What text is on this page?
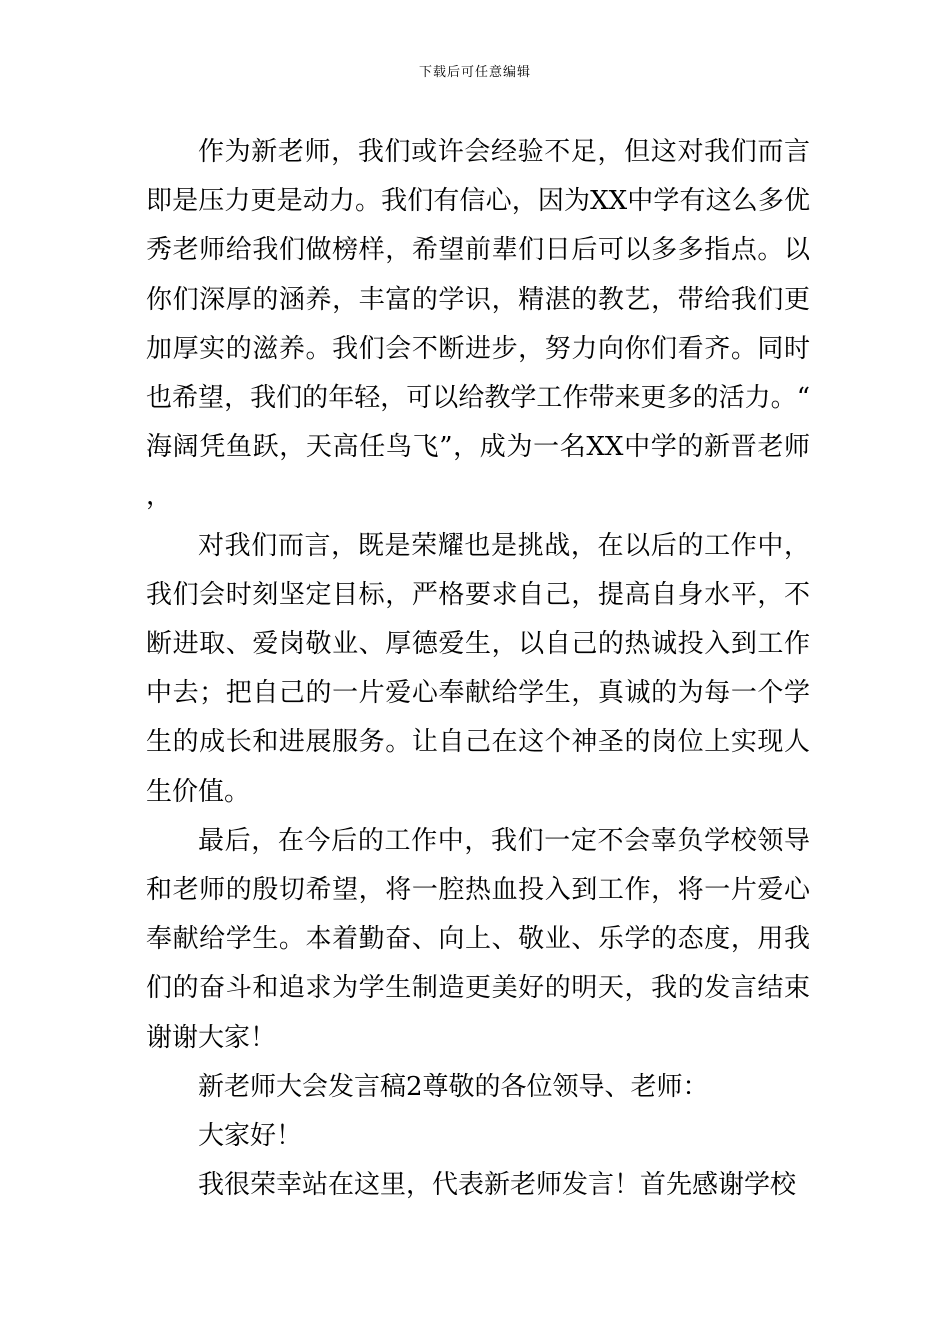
下载后可任意编辑

作为新老师，我们或许会经验不足，但这对我们而言即是压力更是动力。我们有信心，因为XX中学有这么多优秀老师给我们做榜样，希望前辈们日后可以多多指点。以你们深厚的涵养，丰富的学识，精湛的教艺，带给我们更加厚实的滋养。我们会不断进步，努力向你们看齐。同时也希望，我们的年轻，可以给教学工作带来更多的活力。“海阔凭鱼跃，天高任鸟飞”，成为一名XX中学的新晋老师，

对我们而言，既是荣耀也是挑战，在以后的工作中，我们会时刻坚定目标，严格要求自己，提高自身水平，不断进取、爱岗敬业、厚德爱生，以自己的热诚投入到工作中去；把自己的一片爱心奉献给学生，真诚的为每一个学生的成长和进展服务。让自己在这个神圣的岗位上实现人生价值。

最后，在今后的工作中，我们一定不会辜负学校领导和老师的殷切希望，将一腔热血投入到工作，将一片爱心奉献给学生。本着勤奋、向上、敬业、乐学的态度，用我们的奋斗和追求为学生制造更美好的明天，我的发言结束谢谢大家！

新老师大会发言稿2尊敬的各位领导、老师：

大家好！

我很荣幸站在这里，代表新老师发言！首先感谢学校
